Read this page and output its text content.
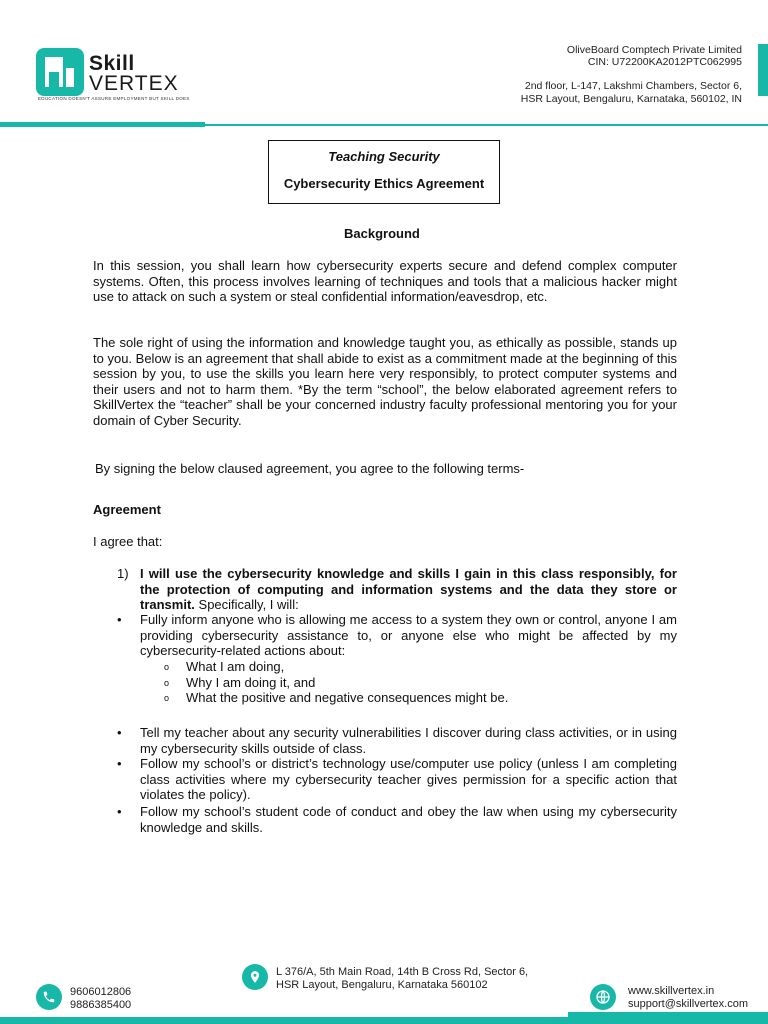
Skill
VERTEX
EDUCATION DOESN'T ASSURE EMPLOYMENT BUT SKILL DOES
OliveBoard Comptech Private Limited
CIN: U72200KA2012PTC062995
2nd floor, L-147, Lakshmi Chambers, Sector 6,
HSR Layout, Bengaluru, Karnataka, 560102, IN
Teaching Security
Cybersecurity Ethics Agreement
Background
In this session, you shall learn how cybersecurity experts secure and defend complex computer systems. Often, this process involves learning of techniques and tools that a malicious hacker might use to attack on such a system or steal confidential information/eavesdrop, etc.
The sole right of using the information and knowledge taught you, as ethically as possible, stands up to you. Below is an agreement that shall abide to exist as a commitment made at the beginning of this session by you, to use the skills you learn here very responsibly, to protect computer systems and their users and not to harm them. *By the term “school”, the below elaborated agreement refers to SkillVertex the “teacher” shall be your concerned industry faculty professional mentoring you for your domain of Cyber Security.
By signing the below claused agreement, you agree to the following terms-
Agreement
I agree that:
1) I will use the cybersecurity knowledge and skills I gain in this class responsibly, for the protection of computing and information systems and the data they store or transmit. Specifically, I will:
• Fully inform anyone who is allowing me access to a system they own or control, anyone I am providing cybersecurity assistance to, or anyone else who might be affected by my cybersecurity-related actions about:
o What I am doing,
o Why I am doing it, and
o What the positive and negative consequences might be.
• Tell my teacher about any security vulnerabilities I discover during class activities, or in using my cybersecurity skills outside of class.
• Follow my school’s or district’s technology use/computer use policy (unless I am completing class activities where my cybersecurity teacher gives permission for a specific action that violates the policy).
• Follow my school’s student code of conduct and obey the law when using my cybersecurity knowledge and skills.
9606012806
9886385400
L 376/A, 5th Main Road, 14th B Cross Rd, Sector 6,
HSR Layout, Bengaluru, Karnataka 560102	www.skillvertex.in
support@skillvertex.com
